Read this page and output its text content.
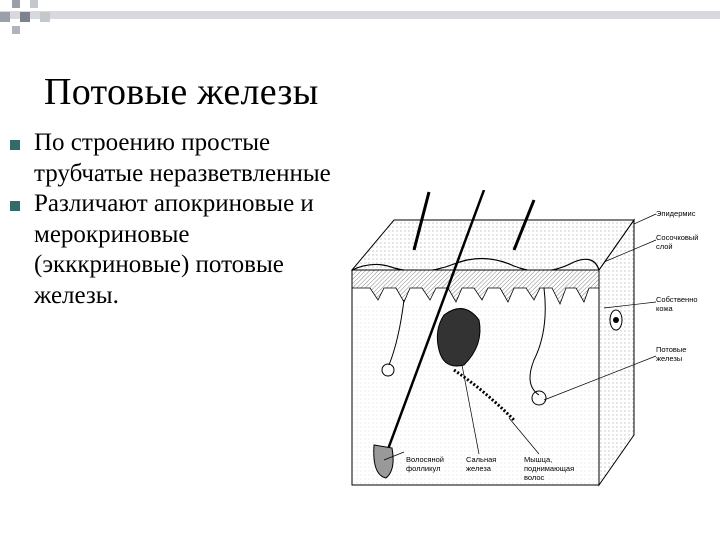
Потовые железы
По строению простые трубчатые неразветвленные
Различают апокриновые и мерокриновые (экккриновые) потовые железы.
Эпидермис
Сосочковый
слой
Собственно
кожа
Потовые
железы
Волосяной
фолликул
Сальная
железа
Мышца,
поднимающая
волос
